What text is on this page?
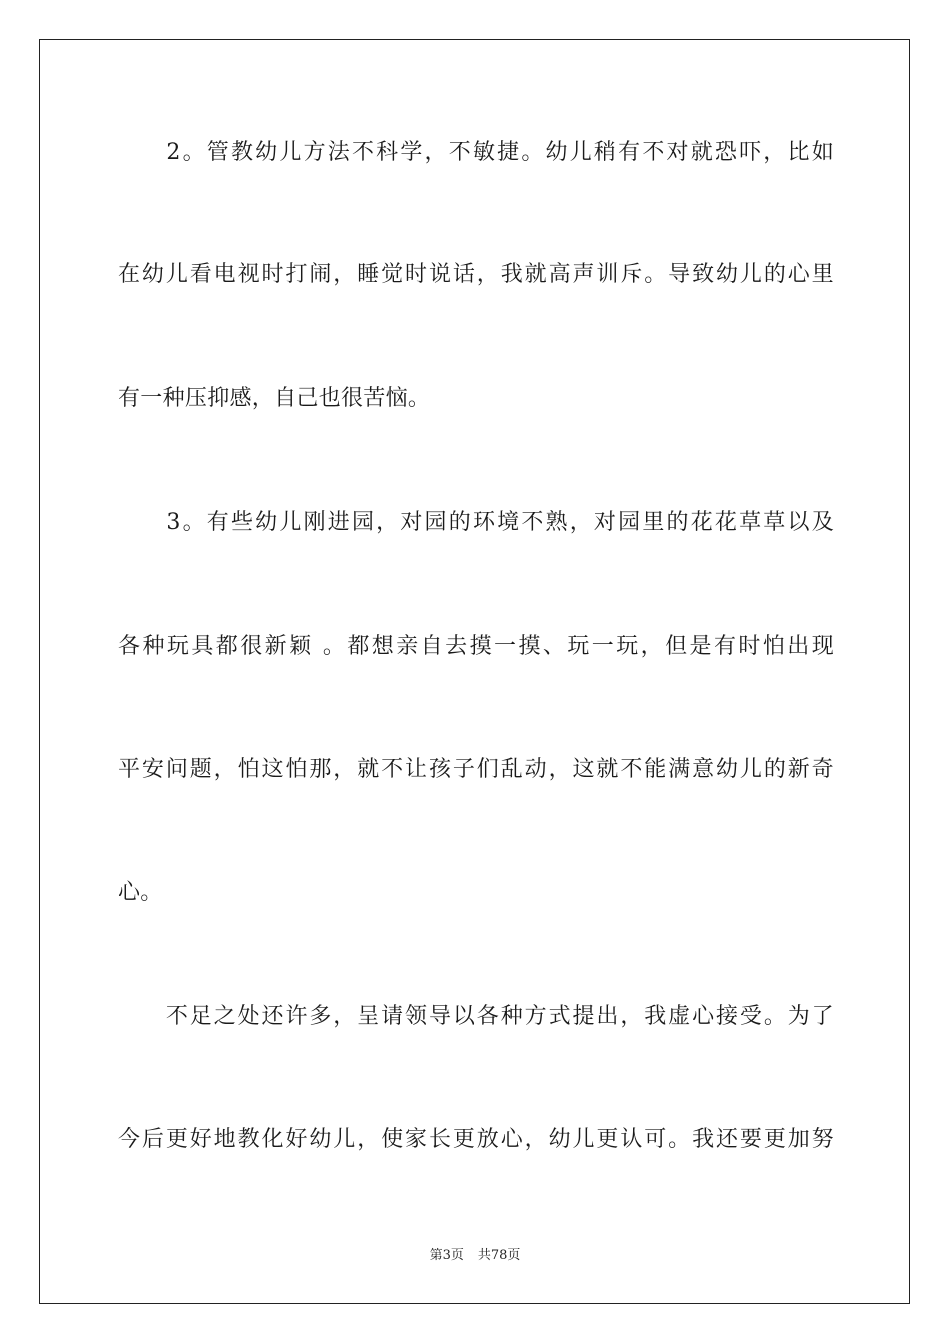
　　2。管教幼儿方法不科学，不敏捷。幼儿稍有不对就恐吓，比如
在幼儿看电视时打闹，睡觉时说话，我就高声训斥。导致幼儿的心里
有一种压抑感，自己也很苦恼。
　　3。有些幼儿刚进园，对园的环境不熟，对园里的花花草草以及
各种玩具都很新颖 。都想亲自去摸一摸、玩一玩，但是有时怕出现
平安问题，怕这怕那，就不让孩子们乱动，这就不能满意幼儿的新奇
心。
　　不足之处还许多，呈请领导以各种方式提出，我虚心接受。为了
今后更好地教化好幼儿，使家长更放心，幼儿更认可。我还要更加努
第3页 共78页
